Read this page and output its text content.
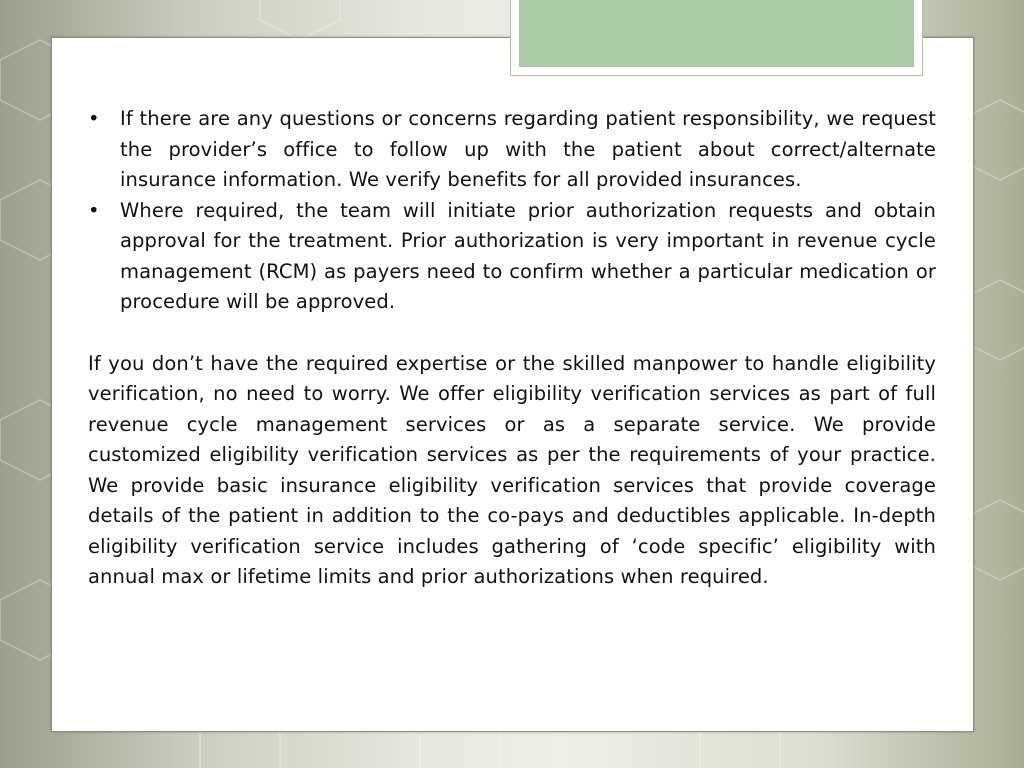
•	If there are any questions or concerns regarding patient responsibility, we request the provider’s office to follow up with the patient about correct/alternate insurance information. We verify benefits for all provided insurances.
•	Where required, the team will initiate prior authorization requests and obtain approval for the treatment. Prior authorization is very important in revenue cycle management (RCM) as payers need to confirm whether a particular medication or procedure will be approved.

If you don’t have the required expertise or the skilled manpower to handle eligibility verification, no need to worry. We offer eligibility verification services as part of full revenue cycle management services or as a separate service. We provide customized eligibility verification services as per the requirements of your practice. We provide basic insurance eligibility verification services that provide coverage details of the patient in addition to the co-pays and deductibles applicable. In-depth eligibility verification service includes gathering of ‘code specific’ eligibility with annual max or lifetime limits and prior authorizations when required.
